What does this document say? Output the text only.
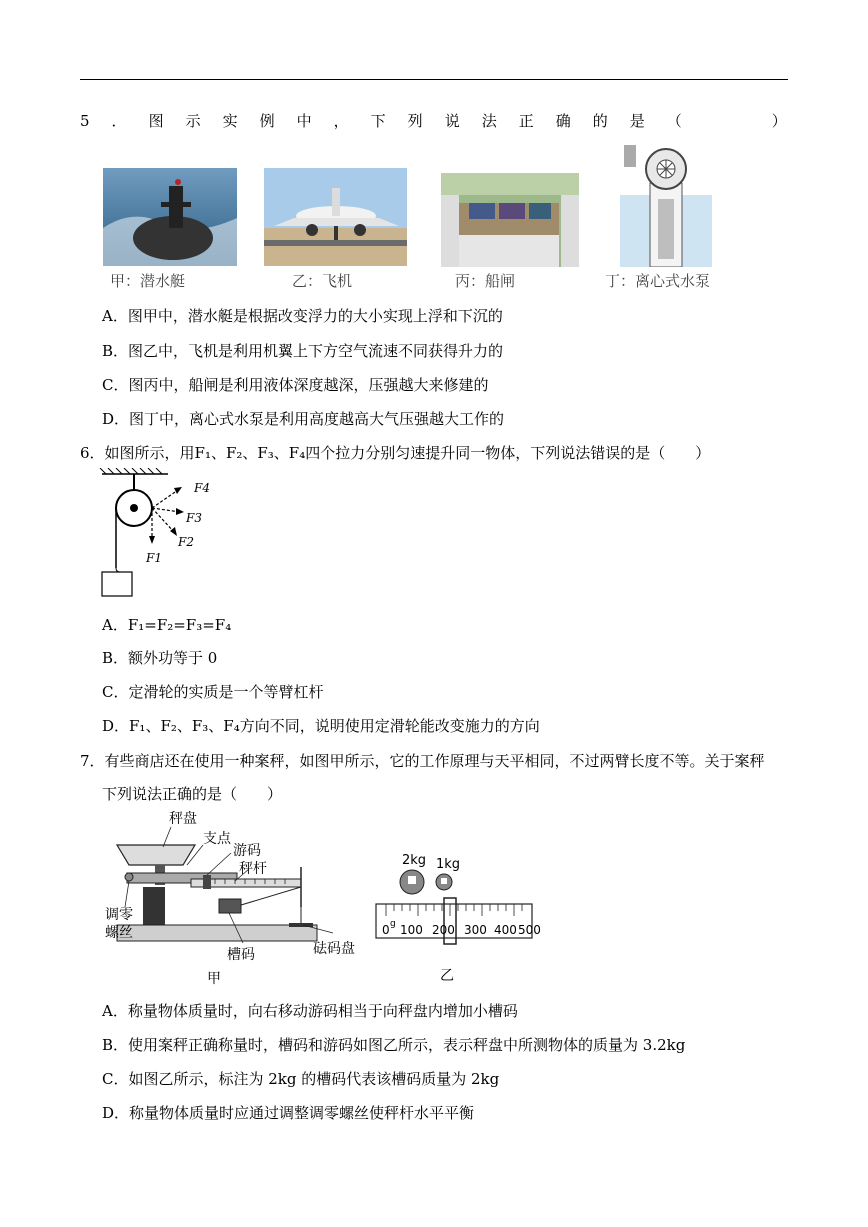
5 ． 图 示 实 例 中 ， 下 列 说 法 正 确 的 是 （	）
甲：潜水艇	乙：飞机	丙：船闸	丁：离心式水泵
A．图甲中，潜水艇是根据改变浮力的大小实现上浮和下沉的
B．图乙中，飞机是利用机翼上下方空气流速不同获得升力的
C．图丙中，船闸是利用液体深度越深，压强越大来修建的
D．图丁中，离心式水泵是利用高度越高大气压强越大工作的
6．如图所示，用F₁、F₂、F₃、F₄四个拉力分别匀速提升同一物体，下列说法错误的是（　　）
F4
F3
F2
F1
A．F₁=F₂=F₃=F₄
B．额外功等于 0
C．定滑轮的实质是一个等臂杠杆
D．F₁、F₂、F₃、F₄方向不同，说明使用定滑轮能改变施力的方向
7．有些商店还在使用一种案秤，如图甲所示，它的工作原理与天平相同，不过两臂长度不等。关于案秤
下列说法正确的是（　　）
秤盘
支点
游码
秤杆
调零
螺丝
槽码	砝码盘
甲
2kg 1kg
0 g 100 200 300 400 500
乙
A．称量物体质量时，向右移动游码相当于向秤盘内增加小槽码
B．使用案秤正确称量时，槽码和游码如图乙所示，表示秤盘中所测物体的质量为 3.2kg
C．如图乙所示，标注为 2kg 的槽码代表该槽码质量为 2kg
D．称量物体质量时应通过调整调零螺丝使秤杆水平平衡
